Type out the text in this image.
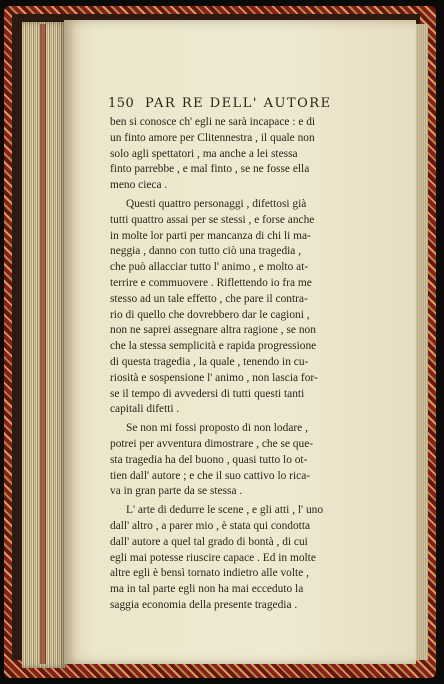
150 PAR RE DELL' AUTORE
ben si conosce ch' egli ne sarà incapace : e di
un finto amore per Clitennestra , il quale non
solo agli spettatori , ma anche a lei stessa
finto parrebbe , e mal finto , se ne fosse ella
meno cieca .
Questi quattro personaggi , difettosi già
tutti quattro assai per se stessi , e forse anche
in molte lor parti per mancanza di chi li ma-
neggia , danno con tutto ciò una tragedia ,
che può allacciar tutto l' animo , e molto at-
terrire e commuovere . Riflettendo io fra me
stesso ad un tale effetto , che pare il contra-
rio di quello che dovrebbero dar le cagioni ,
non ne saprei assegnare altra ragione , se non
che la stessa semplicità e rapida progressione
di questa tragedia , la quale , tenendo in cu-
riosità e sospensione l' animo , non lascia for-
se il tempo di avvedersi di tutti questi tanti
capitali difetti .
Se non mi fossi proposto di non lodare ,
potrei per avventura dimostrare , che se que-
sta tragedia ha del buono , quasi tutto lo ot-
tien dall' autore ; e che il suo cattivo lo rica-
va in gran parte da se stessa .
L' arte di dedurre le scene , e gli atti , l' uno
dall' altro , a parer mio , è stata qui condotta
dall' autore a quel tal grado di bontà , di cui
egli mai potesse riuscire capace . Ed in molte
altre egli è bensì tornato indietro alle volte ,
ma in tal parte egli non ha mai ecceduto la
saggia economia della presente tragedia .
